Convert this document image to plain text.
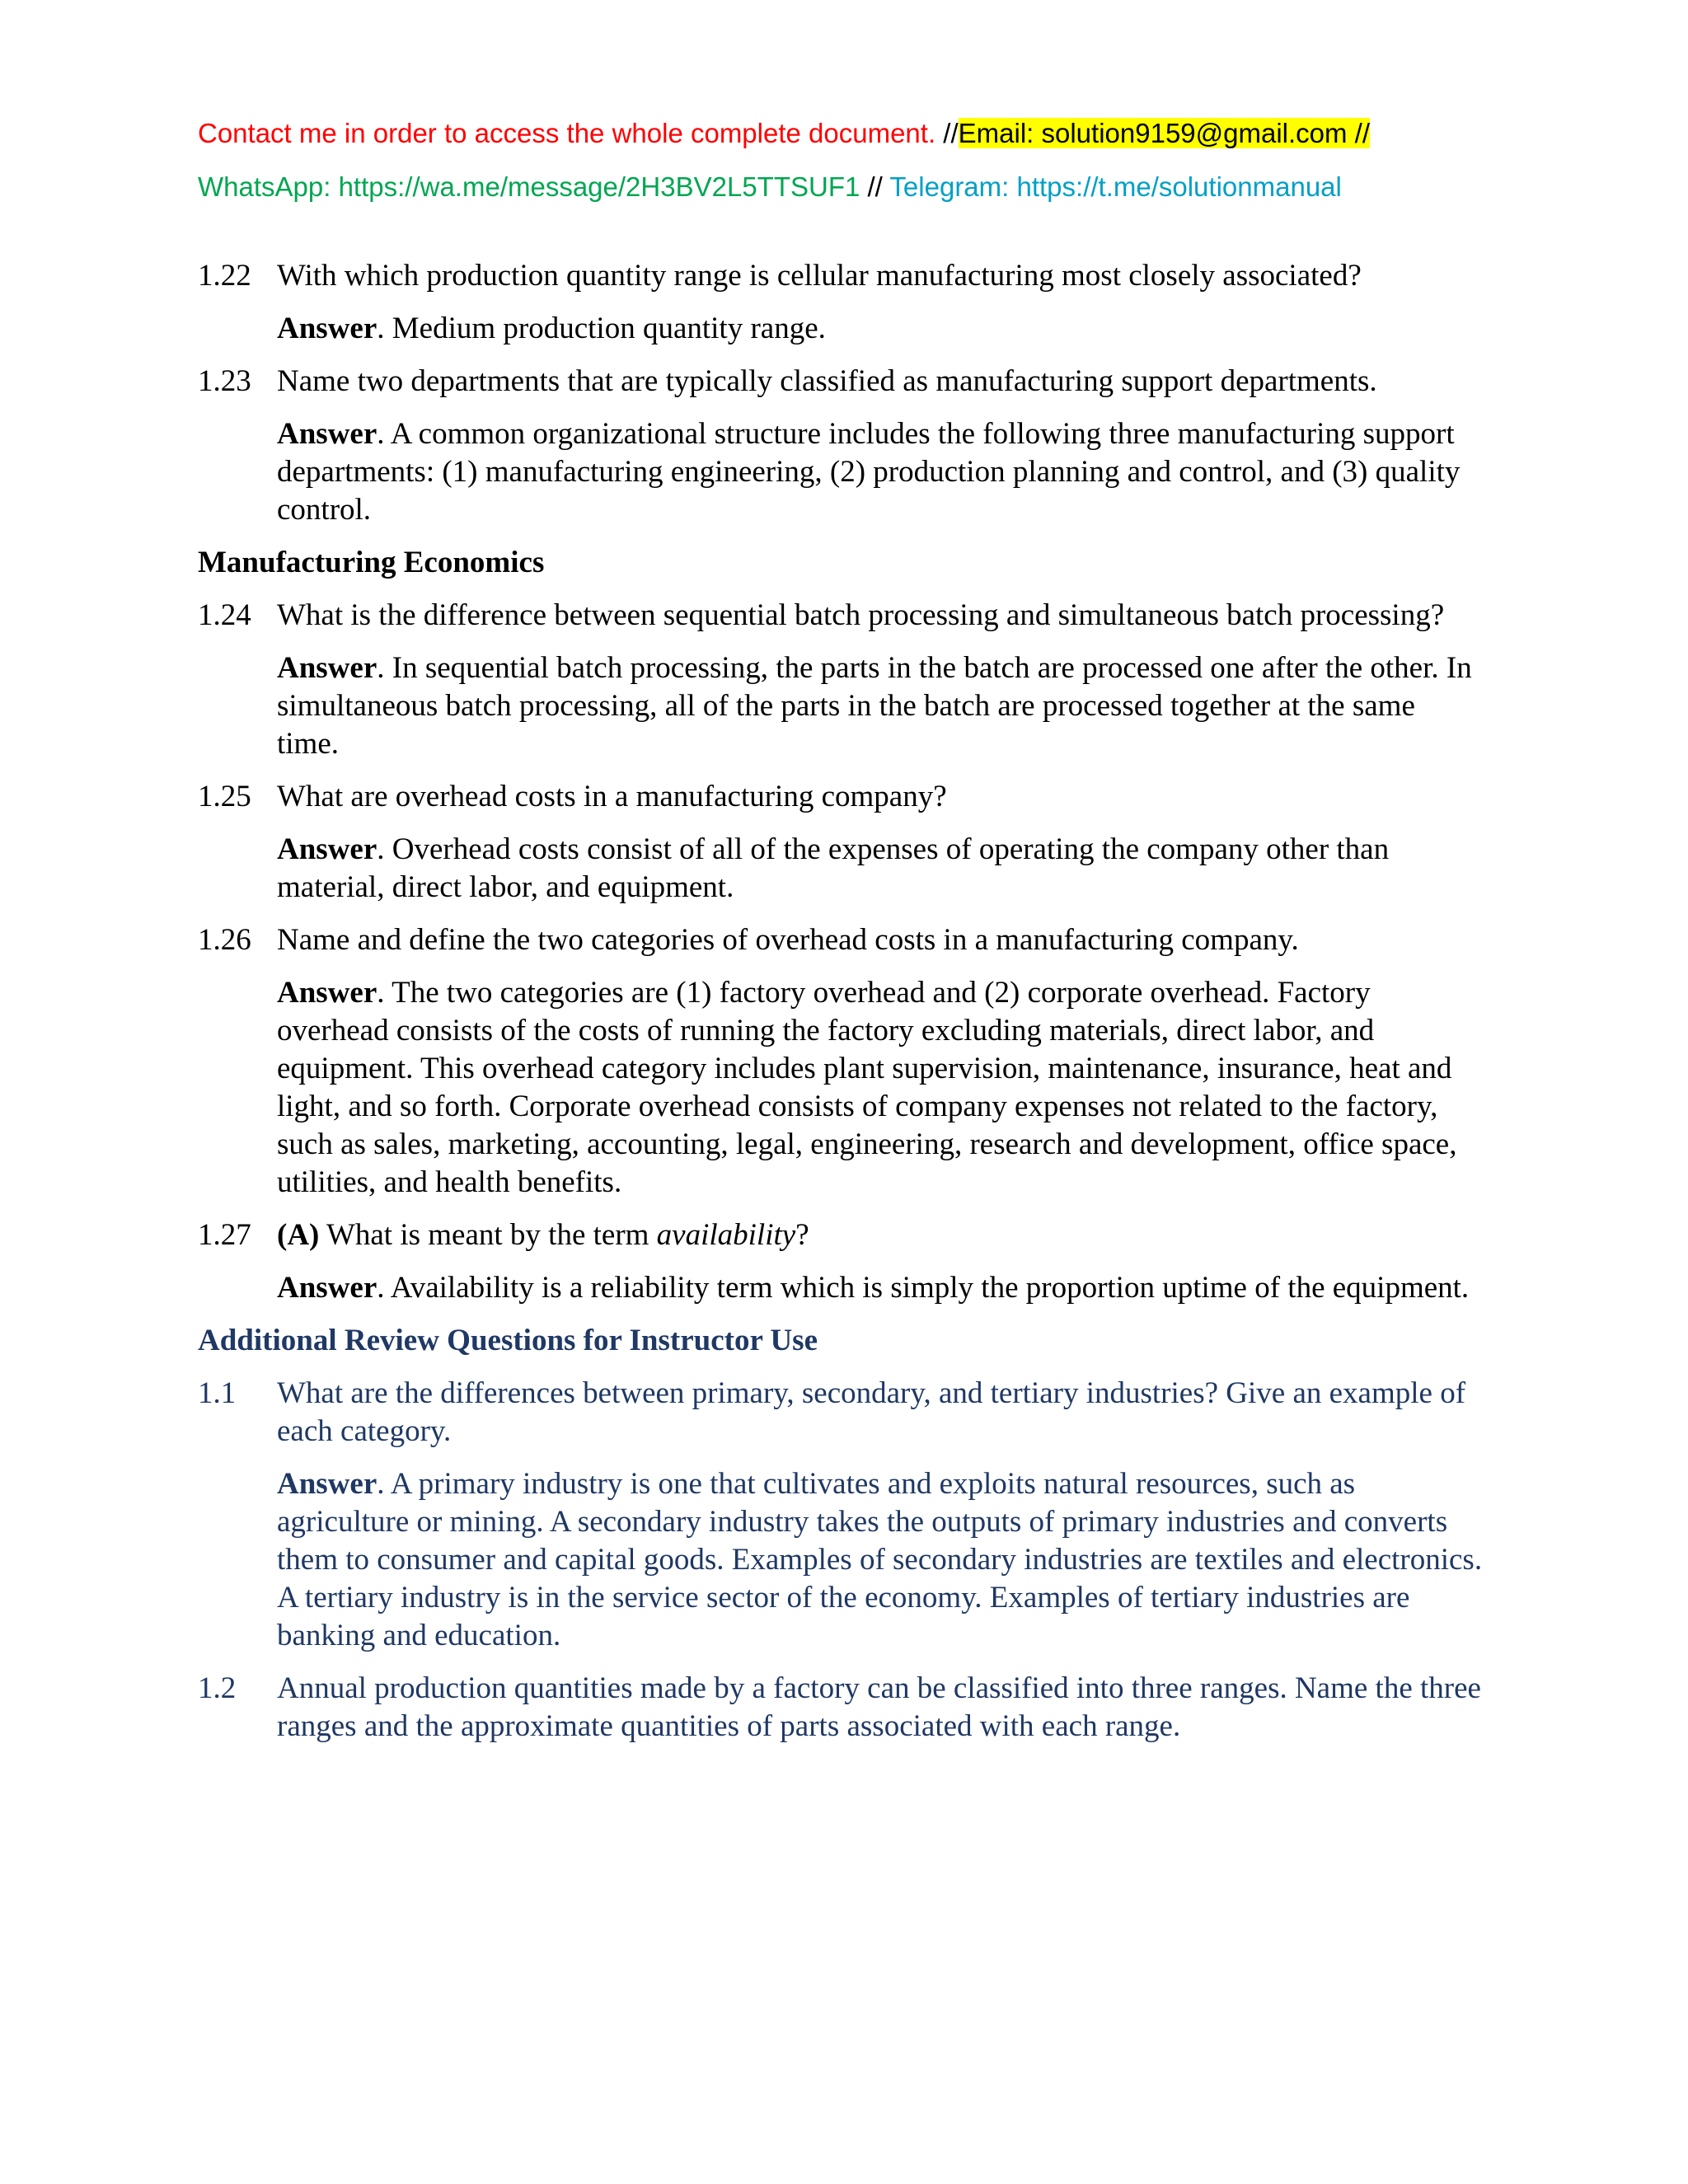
Contact me in order to access the whole complete document. //Email: solution9159@gmail.com //
WhatsApp: https://wa.me/message/2H3BV2L5TTSUF1 // Telegram: https://t.me/solutionmanual
1.22 With which production quantity range is cellular manufacturing most closely associated?
Answer. Medium production quantity range.
1.23 Name two departments that are typically classified as manufacturing support departments.
Answer. A common organizational structure includes the following three manufacturing support departments: (1) manufacturing engineering, (2) production planning and control, and (3) quality control.
Manufacturing Economics
1.24 What is the difference between sequential batch processing and simultaneous batch processing?
Answer. In sequential batch processing, the parts in the batch are processed one after the other. In simultaneous batch processing, all of the parts in the batch are processed together at the same time.
1.25 What are overhead costs in a manufacturing company?
Answer. Overhead costs consist of all of the expenses of operating the company other than material, direct labor, and equipment.
1.26 Name and define the two categories of overhead costs in a manufacturing company.
Answer. The two categories are (1) factory overhead and (2) corporate overhead. Factory overhead consists of the costs of running the factory excluding materials, direct labor, and equipment. This overhead category includes plant supervision, maintenance, insurance, heat and light, and so forth. Corporate overhead consists of company expenses not related to the factory, such as sales, marketing, accounting, legal, engineering, research and development, office space, utilities, and health benefits.
1.27 (A) What is meant by the term availability?
Answer. Availability is a reliability term which is simply the proportion uptime of the equipment.
Additional Review Questions for Instructor Use
1.1 What are the differences between primary, secondary, and tertiary industries? Give an example of each category.
Answer. A primary industry is one that cultivates and exploits natural resources, such as agriculture or mining. A secondary industry takes the outputs of primary industries and converts them to consumer and capital goods. Examples of secondary industries are textiles and electronics. A tertiary industry is in the service sector of the economy. Examples of tertiary industries are banking and education.
1.2 Annual production quantities made by a factory can be classified into three ranges. Name the three ranges and the approximate quantities of parts associated with each range.
